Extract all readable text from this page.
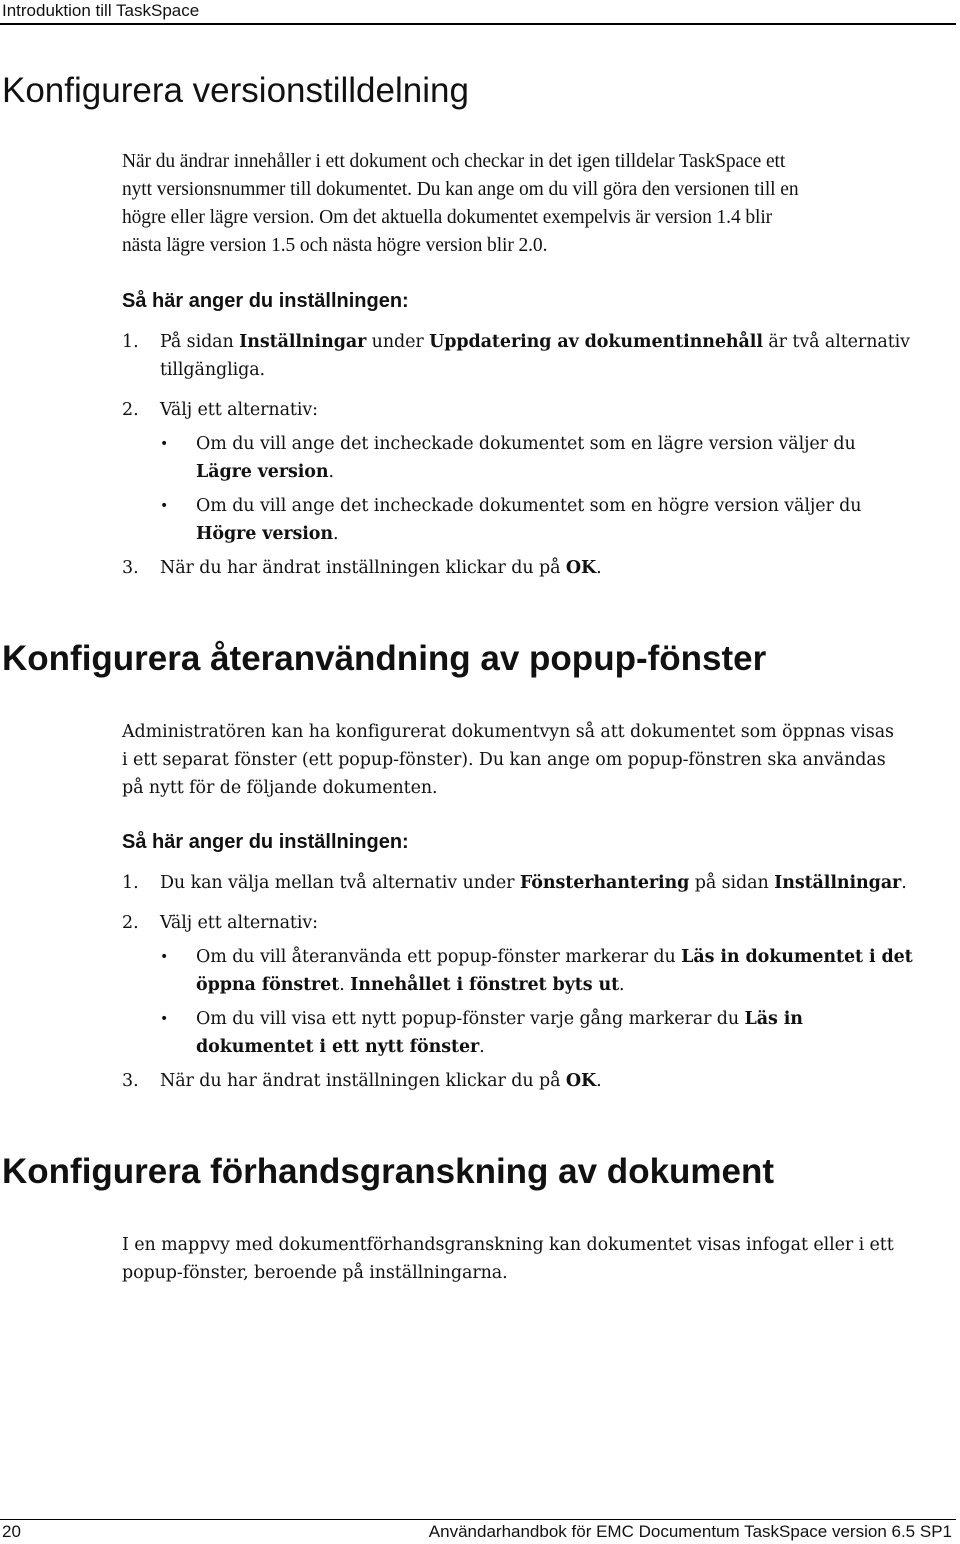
Introduktion till TaskSpace
Konfigurera versionstilldelning
När du ändrar innehåller i ett dokument och checkar in det igen tilldelar TaskSpace ett
nytt versionsnummer till dokumentet. Du kan ange om du vill göra den versionen till en
högre eller lägre version. Om det aktuella dokumentet exempelvis är version 1.4 blir
nästa lägre version 1.5 och nästa högre version blir 2.0.
Så här anger du inställningen:
1. På sidan Inställningar under Uppdatering av dokumentinnehåll är två alternativ
tillgängliga.
2. Välj ett alternativ:
• Om du vill ange det incheckade dokumentet som en lägre version väljer du
Lägre version.
• Om du vill ange det incheckade dokumentet som en högre version väljer du
Högre version.
3. När du har ändrat inställningen klickar du på OK.
Konfigurera återanvändning av popup-fönster
Administratören kan ha konfigurerat dokumentvyn så att dokumentet som öppnas visas
i ett separat fönster (ett popup-fönster). Du kan ange om popup-fönstren ska användas
på nytt för de följande dokumenten.
Så här anger du inställningen:
1. Du kan välja mellan två alternativ under Fönsterhantering på sidan Inställningar.
2. Välj ett alternativ:
• Om du vill återanvända ett popup-fönster markerar du Läs in dokumentet i det
öppna fönstret. Innehållet i fönstret byts ut.
• Om du vill visa ett nytt popup-fönster varje gång markerar du Läs in
dokumentet i ett nytt fönster.
3. När du har ändrat inställningen klickar du på OK.
Konfigurera förhandsgranskning av dokument
I en mappvy med dokumentförhandsgranskning kan dokumentet visas infogat eller i ett
popup-fönster, beroende på inställningarna.
20	Användarhandbok för EMC Documentum TaskSpace version 6.5 SP1
